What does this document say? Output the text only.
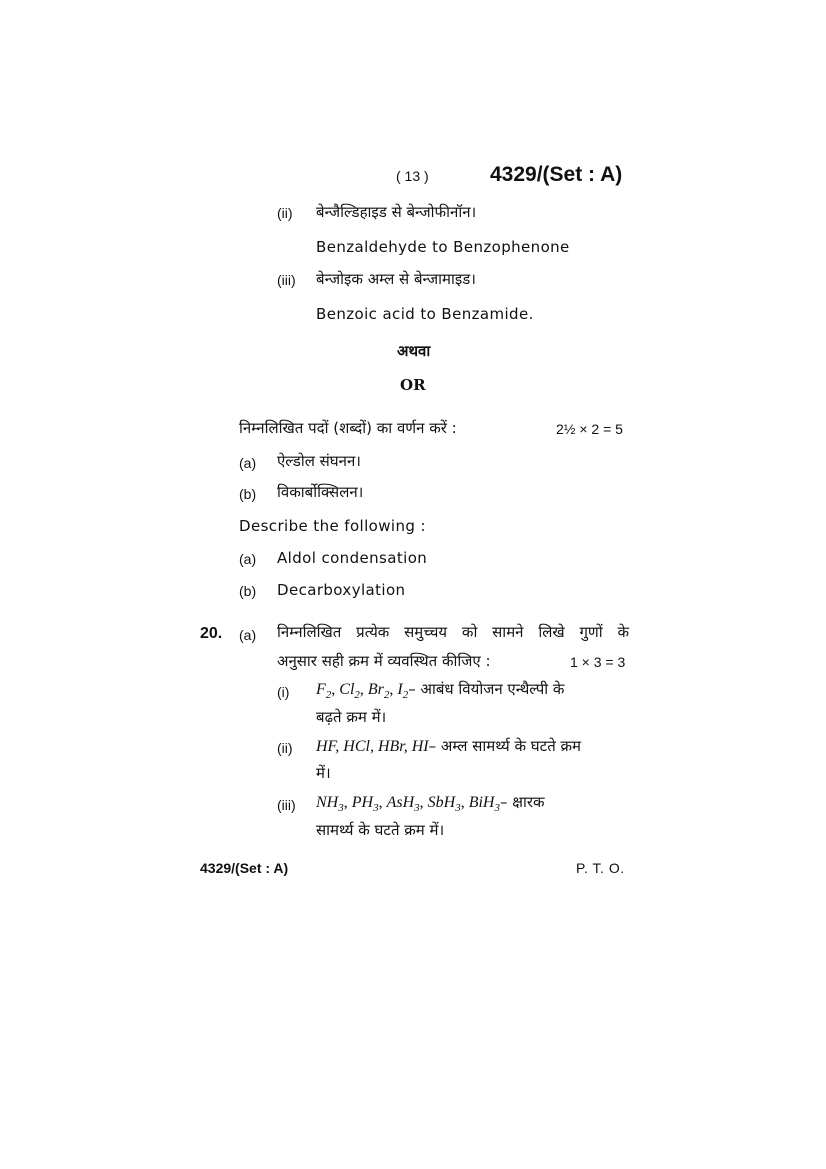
( 13 )	4329/(Set : A)
(ii) बेन्जैल्डिहाइड से बेन्जोफीनॉन।
Benzaldehyde to Benzophenone
(iii) बेन्जोइक अम्ल से बेन्जामाइड।
Benzoic acid to Benzamide.
अथवा
OR
निम्नलिखित पदों (शब्दों) का वर्णन करें :	2½ × 2 = 5
(a) ऐल्डोल संघनन।
(b) विकार्बोक्सिलन।
Describe the following :
(a) Aldol condensation
(b) Decarboxylation
20. (a) निम्नलिखित प्रत्येक समुच्चय को सामने लिखे गुणों के
अनुसार सही क्रम में व्यवस्थित कीजिए :	1 × 3 = 3
(i) $F_2$, $Cl_2$, $Br_2$, $I_2$ – आबंध वियोजन एन्थैल्पी के
बढ़ते क्रम में।
(ii) HF, HCl, HBr, HI – अम्ल सामर्थ्य के घटते क्रम
में।
(iii) $NH_3$, $PH_3$, AsH$_3$, SbH$_3$, BiH$_3$ – क्षारक
सामर्थ्य के घटते क्रम में।
4329/(Set : A)	P. T. O.
